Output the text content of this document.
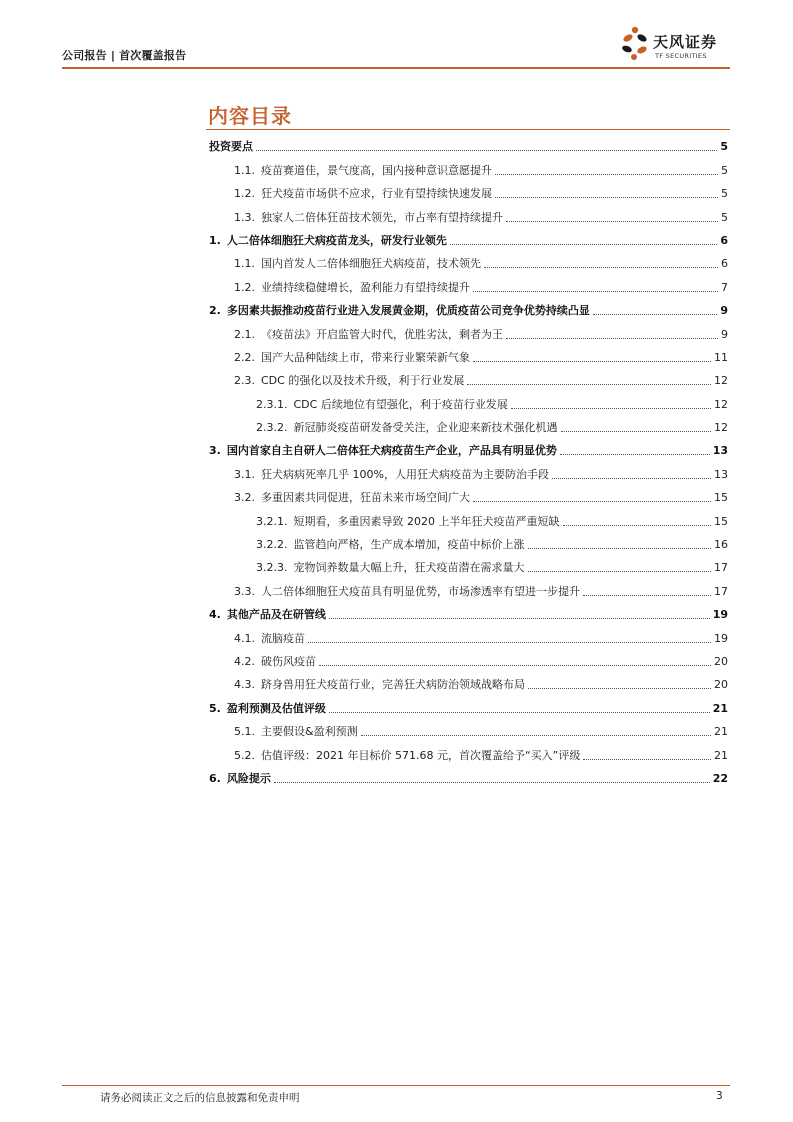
公司报告 | 首次覆盖报告
天风证券
TF SECURITIES
内容目录
投资要点	5
1.1. 疫苗赛道佳，景气度高，国内接种意识意愿提升	5
1.2. 狂犬疫苗市场供不应求，行业有望持续快速发展	5
1.3. 独家人二倍体狂苗技术领先，市占率有望持续提升	5
1. 人二倍体细胞狂犬病疫苗龙头，研发行业领先	6
1.1. 国内首发人二倍体细胞狂犬病疫苗，技术领先	6
1.2. 业绩持续稳健增长，盈利能力有望持续提升	7
2. 多因素共振推动疫苗行业进入发展黄金期，优质疫苗公司竞争优势持续凸显	9
2.1. 《疫苗法》开启监管大时代，优胜劣汰，剩者为王	9
2.2. 国产大品种陆续上市，带来行业繁荣新气象	11
2.3. CDC 的强化以及技术升级，利于行业发展	12
2.3.1. CDC 后续地位有望强化，利于疫苗行业发展	12
2.3.2. 新冠肺炎疫苗研发备受关注，企业迎来新技术强化机遇	12
3. 国内首家自主自研人二倍体狂犬病疫苗生产企业，产品具有明显优势	13
3.1. 狂犬病病死率几乎 100%，人用狂犬病疫苗为主要防治手段	13
3.2. 多重因素共同促进，狂苗未来市场空间广大	15
3.2.1. 短期看，多重因素导致 2020 上半年狂犬疫苗严重短缺	15
3.2.2. 监管趋向严格，生产成本增加，疫苗中标价上涨	16
3.2.3. 宠物饲养数量大幅上升，狂犬疫苗潜在需求量大	17
3.3. 人二倍体细胞狂犬疫苗具有明显优势，市场渗透率有望进一步提升	17
4. 其他产品及在研管线	19
4.1. 流脑疫苗	19
4.2. 破伤风疫苗	20
4.3. 跻身兽用狂犬疫苗行业，完善狂犬病防治领域战略布局	20
5. 盈利预测及估值评级	21
5.1. 主要假设&盈利预测	21
5.2. 估值评级：2021 年目标价 571.68 元，首次覆盖给予“买入”评级	21
6. 风险提示	22
请务必阅读正文之后的信息披露和免责申明	3
